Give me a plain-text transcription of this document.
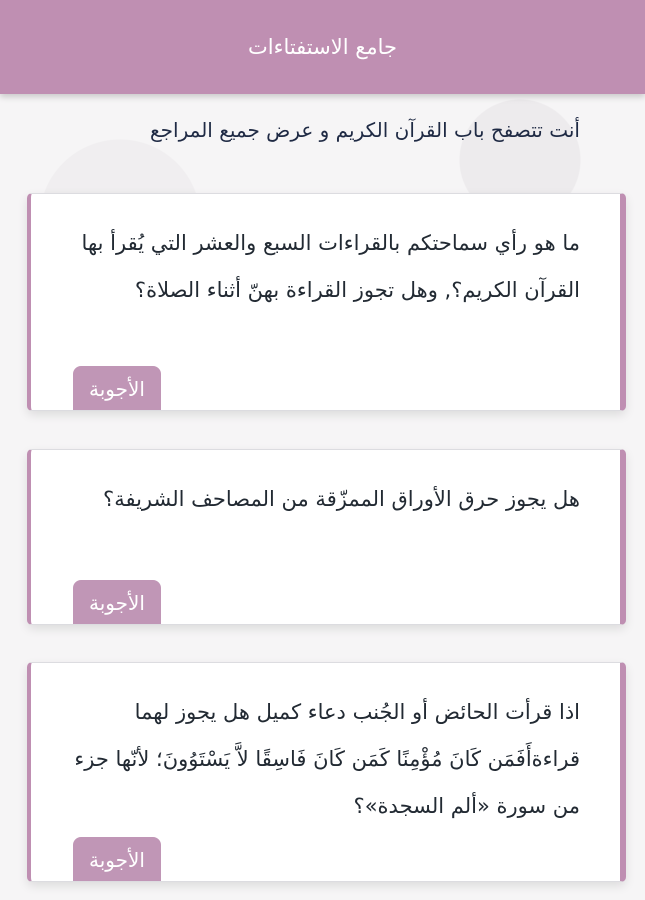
جامع الاستفتاءات
أنت تتصفح باب القرآن الكريم و عرض جميع المراجع
ما هو رأي سماحتكم بالقراءات السبع والعشر التي يُقرأ بها القرآن الكريم؟, وهل تجوز القراءة بهنّ أثناء الصلاة؟
الأجوبة
هل يجوز حرق الأوراق الممزّقة من المصاحف الشريفة؟
الأجوبة
اذا قرأت الحائض أو الجُنب دعاء كميل هل يجوز لهما قراءةأَفَمَن كَانَ مُؤْمِنًا كَمَن كَانَ فَاسِقًا لاَّ يَسْتَوُونَ؛ لأنّها جزء من سورة «ألم السجدة»؟
الأجوبة
